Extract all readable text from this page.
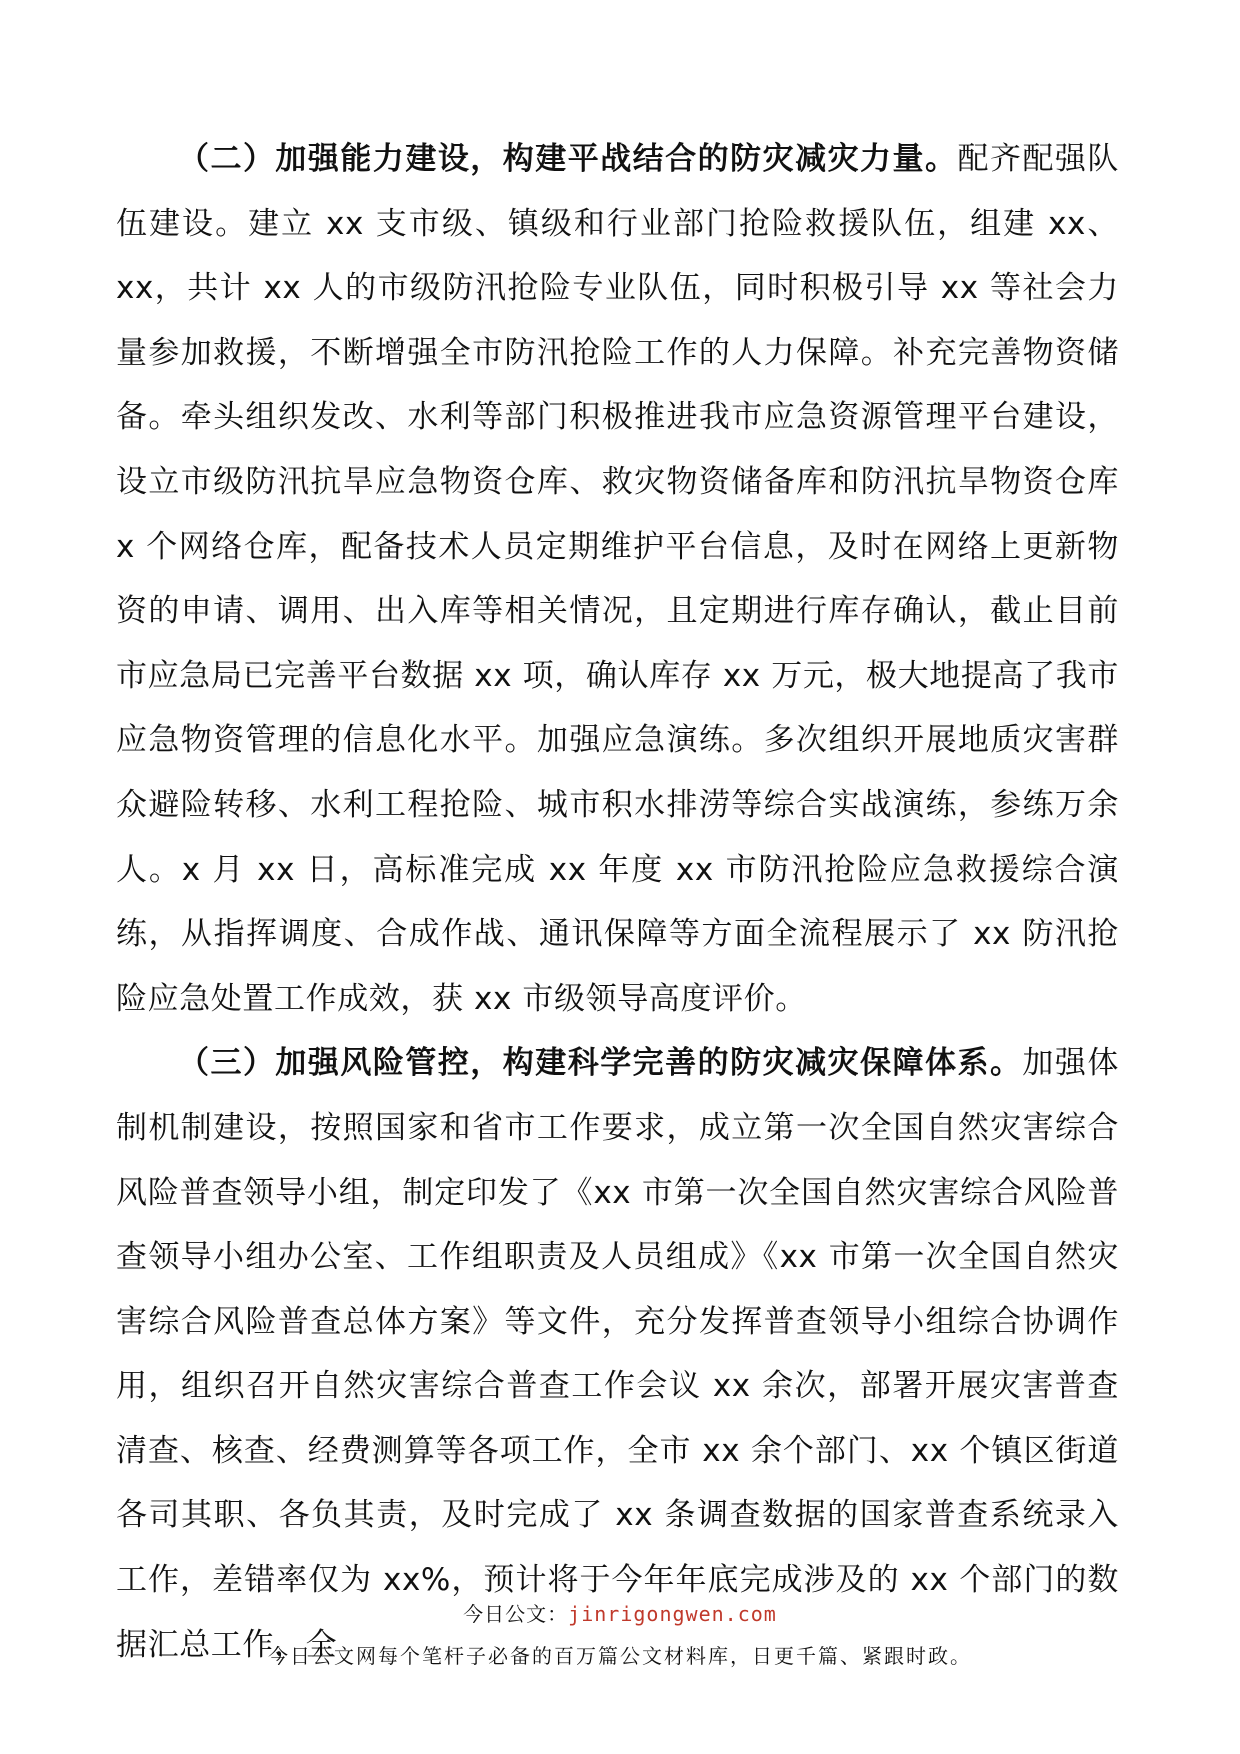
（二）加强能力建设，构建平战结合的防灾减灾力量。配齐配强队伍建设。建立 xx 支市级、镇级和行业部门抢险救援队伍，组建 xx、xx，共计 xx 人的市级防汛抢险专业队伍，同时积极引导 xx 等社会力量参加救援，不断增强全市防汛抢险工作的人力保障。补充完善物资储备。牵头组织发改、水利等部门积极推进我市应急资源管理平台建设，设立市级防汛抗旱应急物资仓库、救灾物资储备库和防汛抗旱物资仓库 x 个网络仓库，配备技术人员定期维护平台信息，及时在网络上更新物资的申请、调用、出入库等相关情况，且定期进行库存确认，截止目前市应急局已完善平台数据 xx 项，确认库存 xx 万元，极大地提高了我市应急物资管理的信息化水平。加强应急演练。多次组织开展地质灾害群众避险转移、水利工程抢险、城市积水排涝等综合实战演练，参练万余人。x 月 xx 日，高标准完成 xx 年度 xx 市防汛抢险应急救援综合演练，从指挥调度、合成作战、通讯保障等方面全流程展示了 xx 防汛抢险应急处置工作成效，获 xx 市级领导高度评价。

（三）加强风险管控，构建科学完善的防灾减灾保障体系。加强体制机制建设，按照国家和省市工作要求，成立第一次全国自然灾害综合风险普查领导小组，制定印发了《xx 市第一次全国自然灾害综合风险普查领导小组办公室、工作组职责及人员组成》《xx 市第一次全国自然灾害综合风险普查总体方案》等文件，充分发挥普查领导小组综合协调作用，组织召开自然灾害综合普查工作会议 xx 余次，部署开展灾害普查清查、核查、经费测算等各项工作，全市 xx 余个部门、xx 个镇区街道各司其职、各负其责，及时完成了 xx 条调查数据的国家普查系统录入工作，差错率仅为 xx%，预计将于今年年底完成涉及的 xx 个部门的数据汇总工作，全

今日公文：jinrigongwen.com
今日公文网每个笔杆子必备的百万篇公文材料库，日更千篇、紧跟时政。
